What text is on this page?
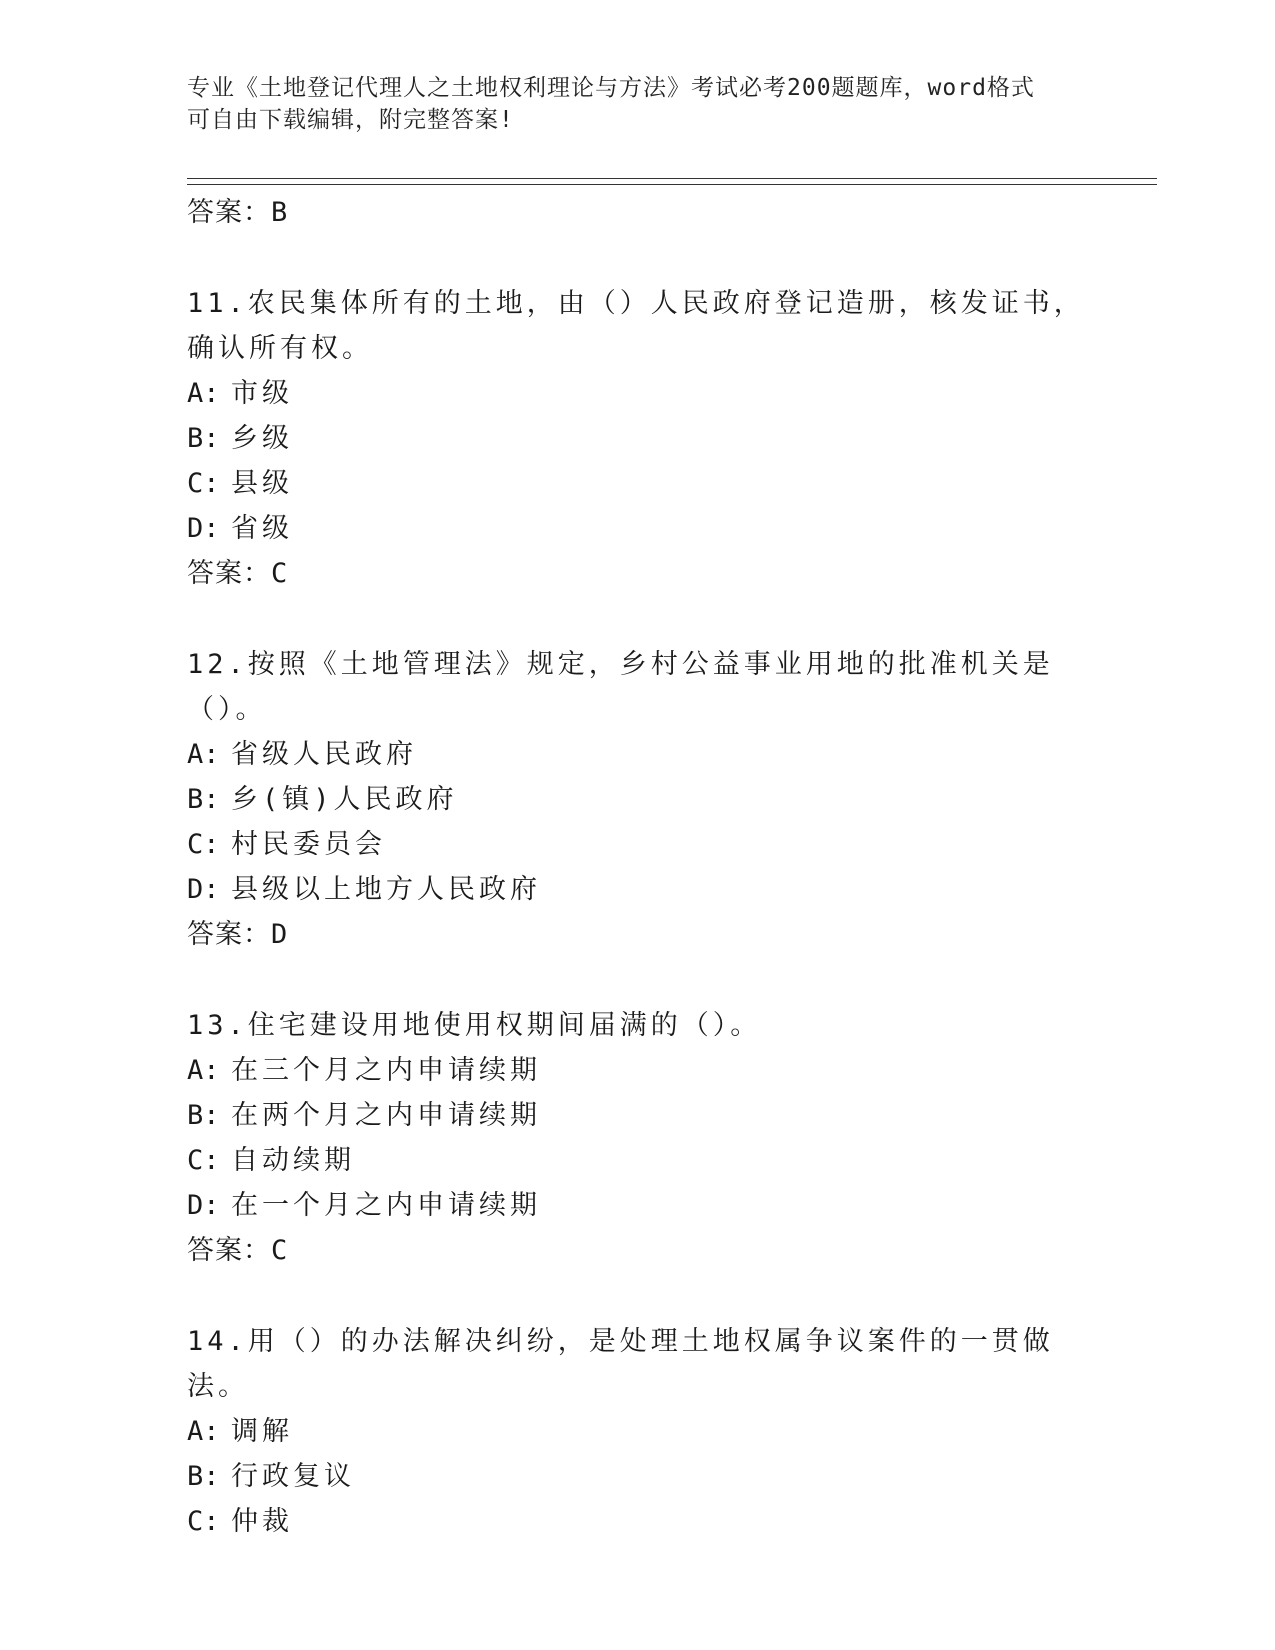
专业《土地登记代理人之土地权利理论与方法》考试必考200题题库，word格式
可自由下载编辑，附完整答案!
答案：B

11.农民集体所有的土地，由（）人民政府登记造册，核发证书，确认所有权。

A: 市级
B: 乡级
C: 县级
D: 省级
答案：C

12.按照《土地管理法》规定，乡村公益事业用地的批准机关是（）。

A: 省级人民政府
B: 乡(镇)人民政府
C: 村民委员会
D: 县级以上地方人民政府
答案：D

13.住宅建设用地使用权期间届满的（）。

A: 在三个月之内申请续期
B: 在两个月之内申请续期
C: 自动续期
D: 在一个月之内申请续期
答案：C

14.用（）的办法解决纠纷，是处理土地权属争议案件的一贯做法。

A: 调解
B: 行政复议
C: 仲裁
